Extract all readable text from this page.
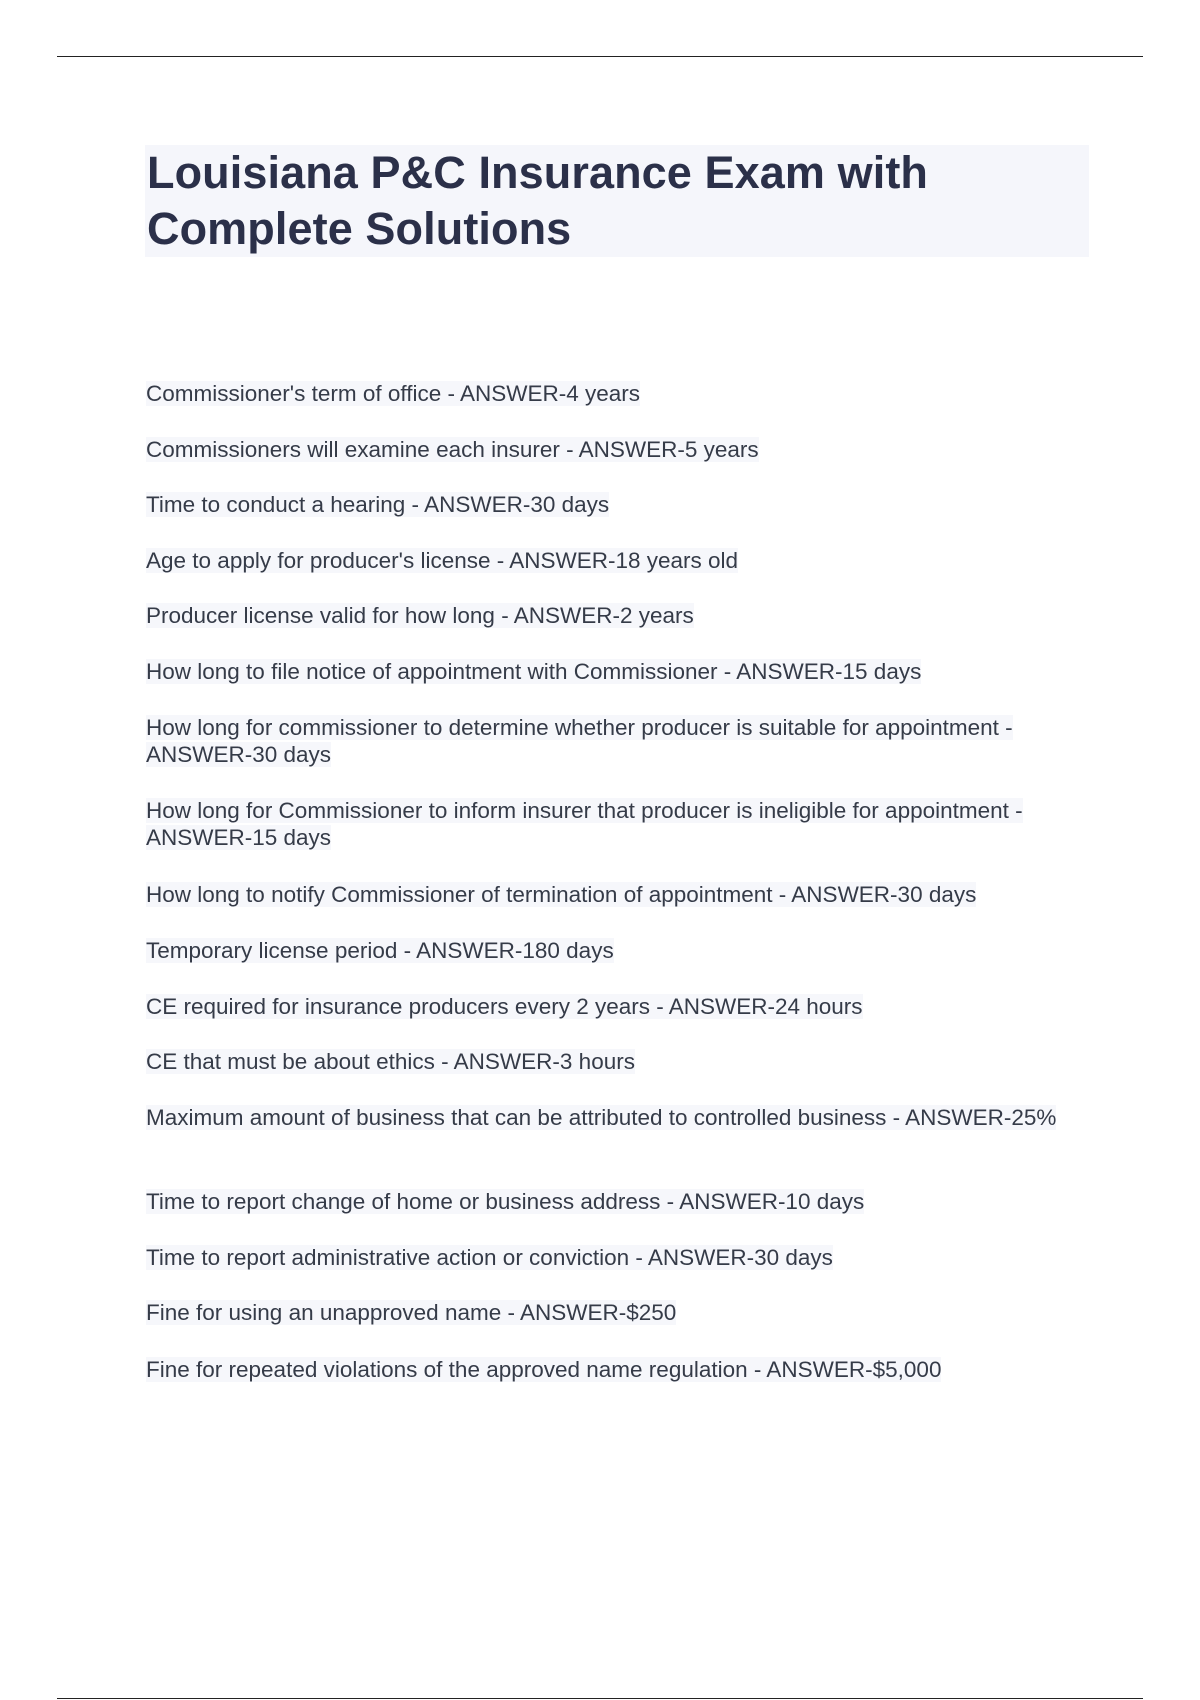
Louisiana P&C Insurance Exam with Complete Solutions
Commissioner's term of office - ANSWER-4 years
Commissioners will examine each insurer - ANSWER-5 years
Time to conduct a hearing - ANSWER-30 days
Age to apply for producer's license - ANSWER-18 years old
Producer license valid for how long - ANSWER-2 years
How long to file notice of appointment with Commissioner - ANSWER-15 days
How long for commissioner to determine whether producer is suitable for appointment - ANSWER-30 days
How long for Commissioner to inform insurer that producer is ineligible for appointment - ANSWER-15 days
How long to notify Commissioner of termination of appointment - ANSWER-30 days
Temporary license period - ANSWER-180 days
CE required for insurance producers every 2 years - ANSWER-24 hours
CE that must be about ethics - ANSWER-3 hours
Maximum amount of business that can be attributed to controlled business - ANSWER-25%
Time to report change of home or business address - ANSWER-10 days
Time to report administrative action or conviction - ANSWER-30 days
Fine for using an unapproved name - ANSWER-$250
Fine for repeated violations of the approved name regulation - ANSWER-$5,000
